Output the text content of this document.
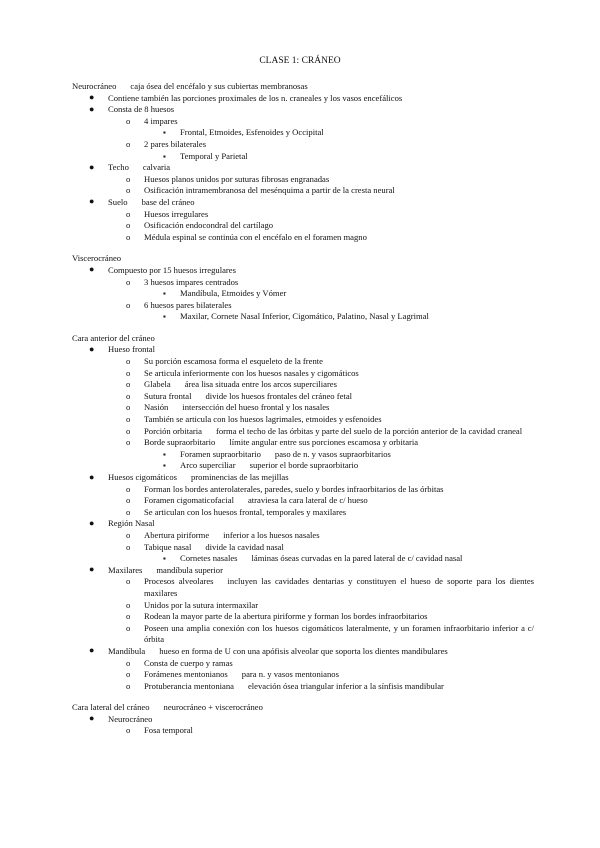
CLASE 1: CRÁNEO
Neurocráneo caja ósea del encéfalo y sus cubiertas membranosas
● Contiene también las porciones proximales de los n. craneales y los vasos encefálicos
● Consta de 8 huesos
o 4 impares
▪ Frontal, Etmoides, Esfenoides y Occipital
o 2 pares bilaterales
▪ Temporal y Parietal
● Techo calvaria
o Huesos planos unidos por suturas fibrosas engranadas
o Osificación intramembranosa del mesénquima a partir de la cresta neural
● Suelo base del cráneo
o Huesos irregulares
o Osificación endocondral del cartílago
o Médula espinal se continúa con el encéfalo en el foramen magno
Viscerocráneo
● Compuesto por 15 huesos irregulares
o 3 huesos impares centrados
▪ Mandíbula, Etmoides y Vómer
o 6 huesos pares bilaterales
▪ Maxilar, Cornete Nasal Inferior, Cigomático, Palatino, Nasal y Lagrimal
Cara anterior del cráneo
● Hueso frontal
o Su porción escamosa forma el esqueleto de la frente
o Se articula inferiormente con los huesos nasales y cigomáticos
o Glabela área lisa situada entre los arcos superciliares
o Sutura frontal divide los huesos frontales del cráneo fetal
o Nasión intersección del hueso frontal y los nasales
o También se articula con los huesos lagrimales, etmoides y esfenoides
o Porción orbitaria forma el techo de las órbitas y parte del suelo de la porción anterior de la cavidad craneal
o Borde supraorbitario límite angular entre sus porciones escamosa y orbitaria
▪ Foramen supraorbitario paso de n. y vasos supraorbitarios
▪ Arco superciliar superior el borde supraorbitario
● Huesos cigomáticos prominencias de las mejillas
o Forman los bordes anterolaterales, paredes, suelo y bordes infraorbitarios de las órbitas
o Foramen cigomaticofacial atraviesa la cara lateral de c/ hueso
o Se articulan con los huesos frontal, temporales y maxilares
● Región Nasal
o Abertura piriforme inferior a los huesos nasales
o Tabique nasal divide la cavidad nasal
▪ Cornetes nasales láminas óseas curvadas en la pared lateral de c/ cavidad nasal
● Maxilares mandíbula superior
o Procesos alveolares incluyen las cavidades dentarias y constituyen el hueso de soporte para los dientes maxilares
o Unidos por la sutura intermaxilar
o Rodean la mayor parte de la abertura piriforme y forman los bordes infraorbitarios
o Poseen una amplia conexión con los huesos cigomáticos lateralmente, y un foramen infraorbitario inferior a c/ órbita
● Mandíbula hueso en forma de U con una apófisis alveolar que soporta los dientes mandibulares
o Consta de cuerpo y ramas
o Forámenes mentonianos para n. y vasos mentonianos
o Protuberancia mentoniana elevación ósea triangular inferior a la sínfisis mandibular
Cara lateral del cráneo neurocráneo + viscerocráneo
● Neurocráneo
o Fosa temporal
